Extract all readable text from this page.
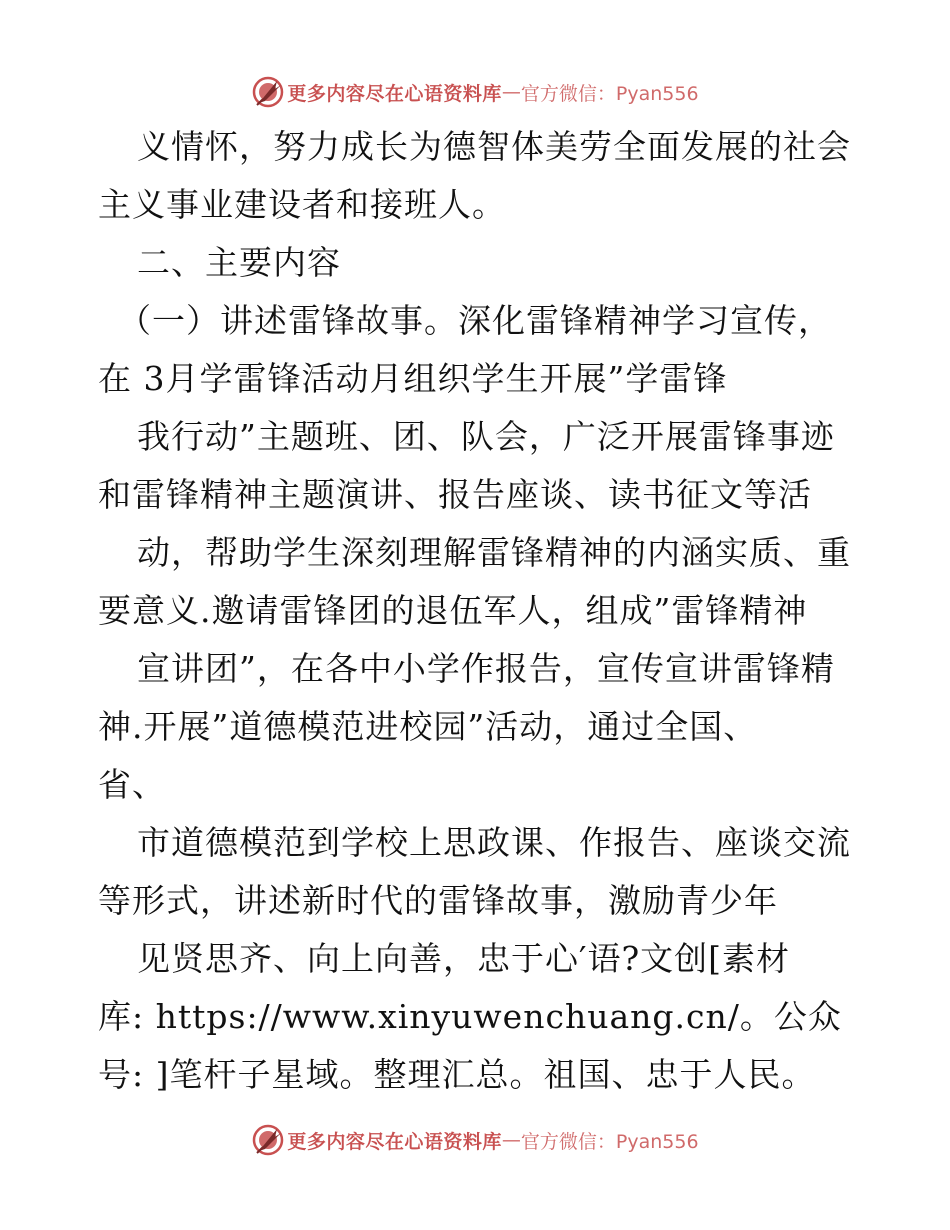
更多内容尽在心语资料库 — 官方微信：Pyan556
义情怀，努力成长为德智体美劳全面发展的社会
主义事业建设者和接班人。
二、主要内容
（一）讲述雷锋故事。深化雷锋精神学习宣传，
在 3月学雷锋活动月组织学生开展”学雷锋
我行动”主题班、团、队会，广泛开展雷锋事迹
和雷锋精神主题演讲、报告座谈、读书征文等活
动，帮助学生深刻理解雷锋精神的内涵实质、重
要意义.邀请雷锋团的退伍军人，组成”雷锋精神
宣讲团”，在各中小学作报告，宣传宣讲雷锋精
神.开展”道德模范进校园”活动，通过全国、
省、
市道德模范到学校上思政课、作报告、座谈交流
等形式，讲述新时代的雷锋故事，激励青少年
见贤思齐、向上向善，忠于心′语?文创[素材
库: https://www.xinyuwenchuang.cn/。公众
号: ]笔杆子星域。整理汇总。祖国、忠于人民。
更多内容尽在心语资料库 — 官方微信：Pyan556
